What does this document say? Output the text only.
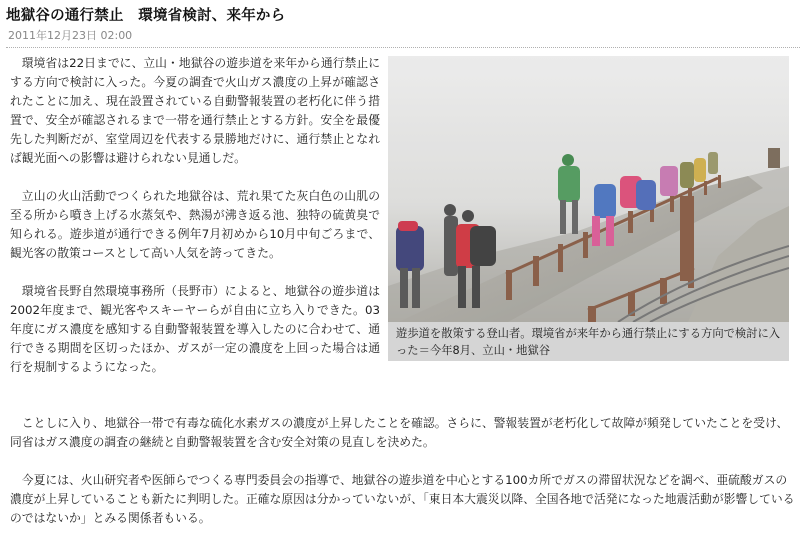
地獄谷の通行禁止　環境省検討、来年から
2011年12月23日 02:00

環境省は22日までに、立山・地獄谷の遊歩道を来年から通行禁止にする方向で検討に入った。今夏の調査で火山ガス濃度の上昇が確認されたことに加え、現在設置されている自動警報装置の老朽化に伴う措置で、安全が確認されるまで一帯を通行禁止とする方針。安全を最優先した判断だが、室堂周辺を代表する景勝地だけに、通行禁止となれば観光面への影響は避けられない見通しだ。

立山の火山活動でつくられた地獄谷は、荒れ果てた灰白色の山肌の至る所から噴き上げる水蒸気や、熱湯が沸き返る池、独特の硫黄臭で知られる。遊歩道が通行できる例年7月初めから10月中旬ごろまで、観光客の散策コースとして高い人気を誇ってきた。

環境省長野自然環境事務所（長野市）によると、地獄谷の遊歩道は2002年度まで、観光客やスキーヤーらが自由に立ち入りできた。03年度にガス濃度を感知する自動警報装置を導入したのに合わせて、通行できる期間を区切ったほか、ガスが一定の濃度を上回った場合は通行を規制するようになった。

遊歩道を散策する登山者。環境省が来年から通行禁止にする方向で検討に入った＝今年8月、立山・地獄谷

ことしに入り、地獄谷一帯で有毒な硫化水素ガスの濃度が上昇したことを確認。さらに、警報装置が老朽化して故障が頻発していたことを受け、同省はガス濃度の調査の継続と自動警報装置を含む安全対策の見直しを決めた。

今夏には、火山研究者や医師らでつくる専門委員会の指導で、地獄谷の遊歩道を中心とする100カ所でガスの滞留状況などを調べ、亜硫酸ガスの濃度が上昇していることも新たに判明した。正確な原因は分かっていないが、「東日本大震災以降、全国各地で活発になった地震活動が影響しているのではないか」とみる関係者もいる。
